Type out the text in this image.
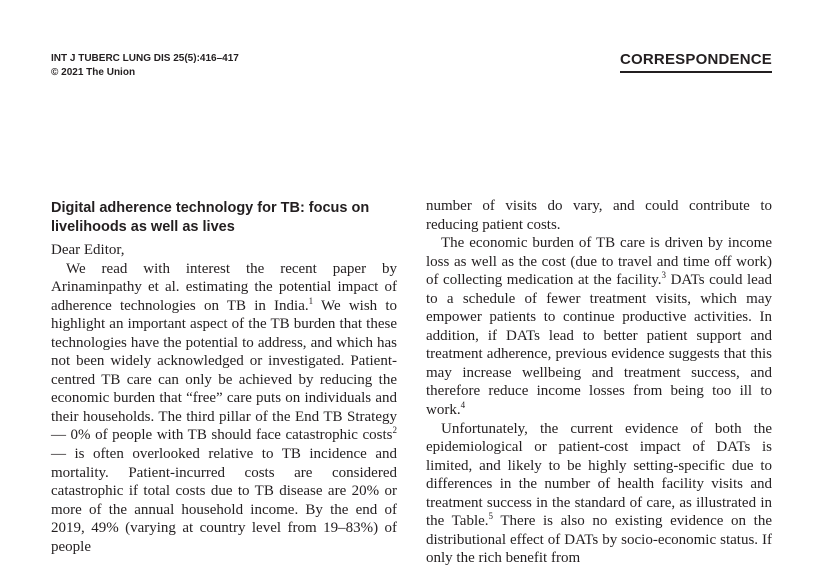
INT J TUBERC LUNG DIS 25(5):416–417
© 2021 The Union
CORRESPONDENCE
Digital adherence technology for TB: focus on livelihoods as well as lives

Dear Editor,

We read with interest the recent paper by Arinaminpathy et al. estimating the potential impact of adherence technologies on TB in India.$^1$ We wish to highlight an important aspect of the TB burden that these technologies have the potential to address, and which has not been widely acknowledged or investigated. Patient-centred TB care can only be achieved by reducing the economic burden that “free” care puts on individuals and their households. The third pillar of the End TB Strategy — 0% of people with TB should face catastrophic costs$^2$ — is often overlooked relative to TB incidence and mortality. Patient-incurred costs are considered catastrophic if total costs due to TB disease are 20% or more of the annual household income. By the end of 2019, 49% (varying at country level from 19–83%) of people

number of visits do vary, and could contribute to reducing patient costs.

The economic burden of TB care is driven by income loss as well as the cost (due to travel and time off work) of collecting medication at the facility.$^3$ DATs could lead to a schedule of fewer treatment visits, which may empower patients to continue productive activities. In addition, if DATs lead to better patient support and treatment adherence, previous evidence suggests that this may increase wellbeing and treatment success, and therefore reduce income losses from being too ill to work.$^4$

Unfortunately, the current evidence of both the epidemiological or patient-cost impact of DATs is limited, and likely to be highly setting-specific due to differences in the number of health facility visits and treatment success in the standard of care, as illustrated in the Table.$^5$ There is also no existing evidence on the distributional effect of DATs by socio-economic status. If only the rich benefit from
